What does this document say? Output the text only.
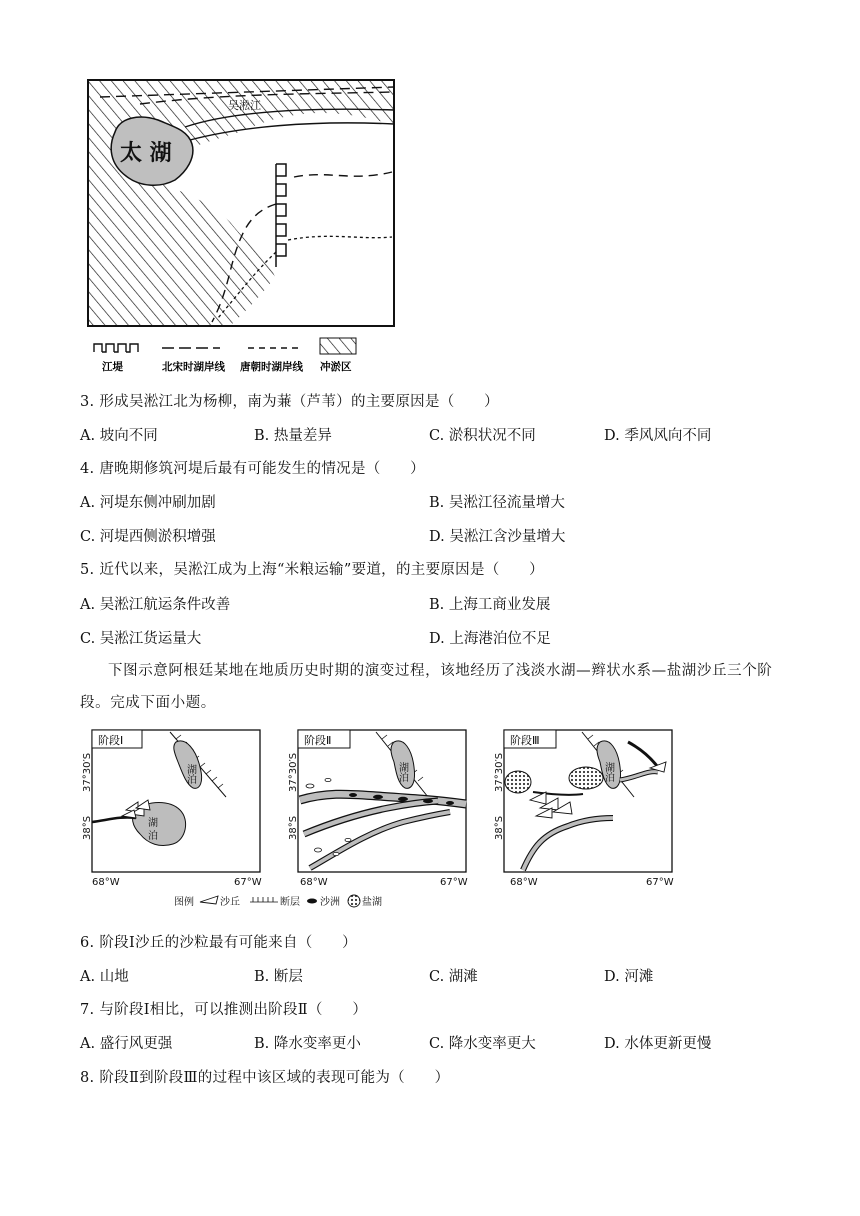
吴淞江
太 湖
江堤	北宋时湖岸线 唐朝时湖岸线 冲淤区
3. 形成吴淞江北为杨柳，南为蒹（芦苇）的主要原因是（　　）
A. 坡向不同	B. 热量差异	C. 淤积状况不同	D. 季风风向不同
4. 唐晚期修筑河堤后最有可能发生的情况是（　　）
A. 河堤东侧冲刷加剧	B. 吴淞江径流量增大
C. 河堤西侧淤积增强	D. 吴淞江含沙量增大
5. 近代以来，吴淞江成为上海“米粮运输”要道，的主要原因是（　　）
A. 吴淞江航运条件改善	B. 上海工商业发展
C. 吴淞江货运量大	D. 上海港泊位不足
下图示意阿根廷某地在地质历史时期的演变过程，该地经历了浅淡水湖—辫状水系—盐湖沙丘三个阶段。完成下面小题。
阶段Ⅰ
湖泊
湖
泊
阶段Ⅱ
湖泊
阶段Ⅲ
湖泊
37°30′S
38°S
37°30′S
38°S
37°30′S
38°S
68°W	67°W	68°W	67°W	68°W	67°W
图例	沙丘	断层 沙洲 盐湖
6. 阶段Ⅰ沙丘的沙粒最有可能来自（　　）
A. 山地	B. 断层	C. 湖滩	D. 河滩
7. 与阶段Ⅰ相比，可以推测出阶段Ⅱ（　　）
A. 盛行风更强	B. 降水变率更小	C. 降水变率更大	D. 水体更新更慢
8. 阶段Ⅱ到阶段Ⅲ的过程中该区域的表现可能为（　　）
